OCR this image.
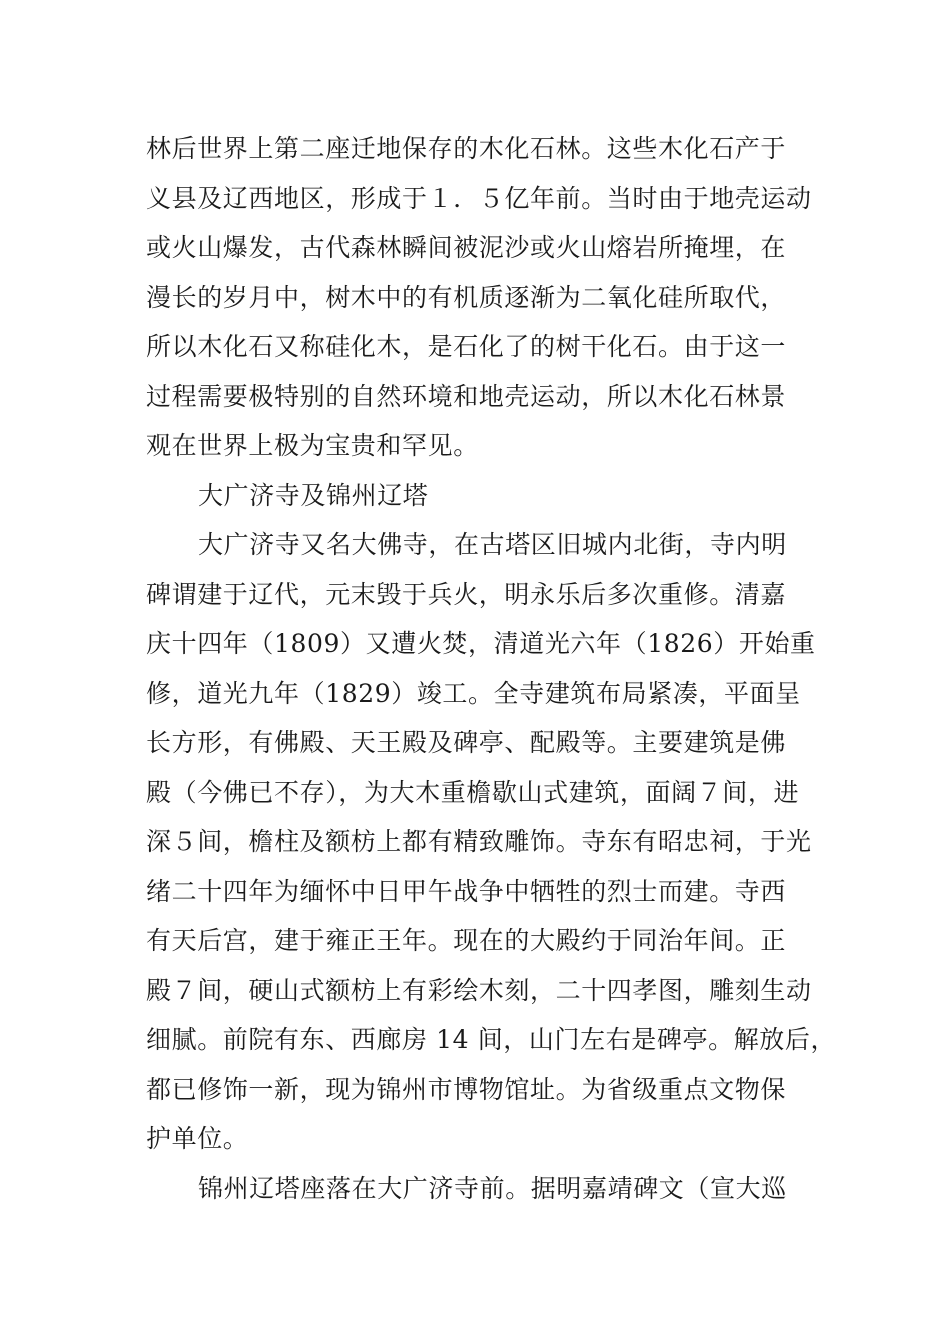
林后世界上第二座迁地保存的木化石林。这些木化石产于
义县及辽西地区，形成于１．５亿年前。当时由于地壳运动
或火山爆发，古代森林瞬间被泥沙或火山熔岩所掩埋，在
漫长的岁月中，树木中的有机质逐渐为二氧化硅所取代，
所以木化石又称硅化木，是石化了的树干化石。由于这一
过程需要极特别的自然环境和地壳运动，所以木化石林景
观在世界上极为宝贵和罕见。
大广济寺及锦州辽塔
大广济寺又名大佛寺，在古塔区旧城内北街，寺内明
碑谓建于辽代，元末毁于兵火，明永乐后多次重修。清嘉
庆十四年（1809）又遭火焚，清道光六年（1826）开始重
修，道光九年（1829）竣工。全寺建筑布局紧凑，平面呈
长方形，有佛殿、天王殿及碑亭、配殿等。主要建筑是佛
殿（今佛已不存），为大木重檐歇山式建筑，面阔７间，进
深５间，檐柱及额枋上都有精致雕饰。寺东有昭忠祠，于光
绪二十四年为缅怀中日甲午战争中牺牲的烈士而建。寺西
有天后宫，建于雍正王年。现在的大殿约于同治年间。正
殿７间，硬山式额枋上有彩绘木刻，二十四孝图，雕刻生动
细腻。前院有东、西廊房 14 间，山门左右是碑亭。解放后，
都已修饰一新，现为锦州市博物馆址。为省级重点文物保
护单位。
锦州辽塔座落在大广济寺前。据明嘉靖碑文（宣大巡
